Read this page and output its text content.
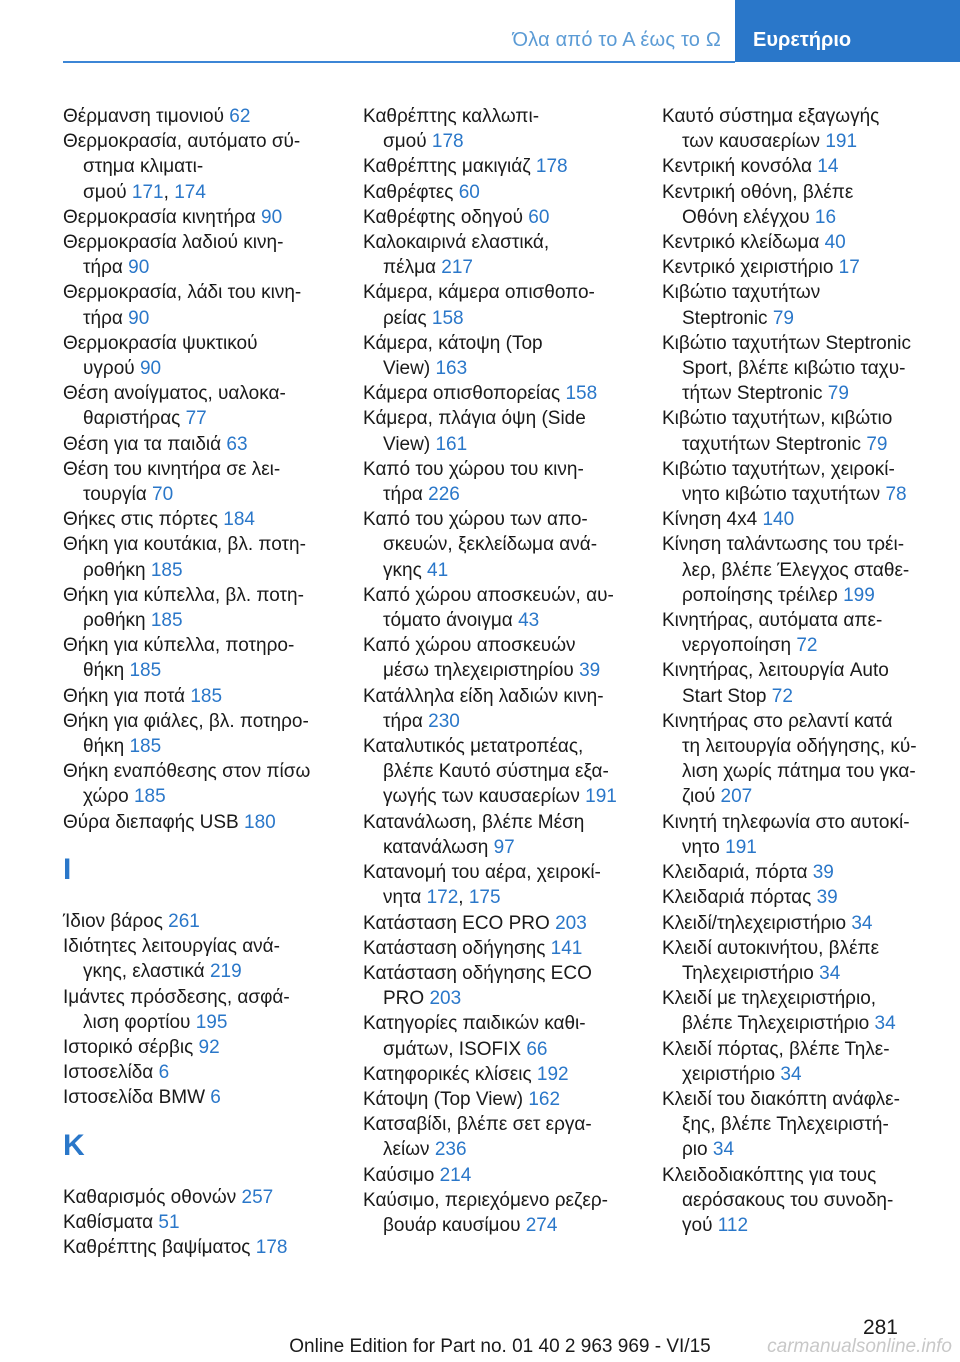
Όλα από το Α έως το Ω	Ευρετήριο
Θέρμανση τιμονιού 62
Θερμοκρασία, αυτόματο σύ-
στημα κλιματι-
σμού 171, 174
Θερμοκρασία κινητήρα 90
Θερμοκρασία λαδιού κινη-
τήρα 90
Θερμοκρασία, λάδι του κινη-
τήρα 90
Θερμοκρασία ψυκτικού
υγρού 90
Θέση ανοίγματος, υαλοκα-
θαριστήρας 77
Θέση για τα παιδιά 63
Θέση του κινητήρα σε λει-
τουργία 70
Θήκες στις πόρτες 184
Θήκη για κουτάκια, βλ. ποτη-
ροθήκη 185
Θήκη για κύπελλα, βλ. ποτη-
ροθήκη 185
Θήκη για κύπελλα, ποτηρο-
θήκη 185
Θήκη για ποτά 185
Θήκη για φιάλες, βλ. ποτηρο-
θήκη 185
Θήκη εναπόθεσης στον πίσω
χώρο 185
Θύρα διεπαφής USB 180
Ι
Ίδιον βάρος 261
Ιδιότητες λειτουργίας ανά-
γκης, ελαστικά 219
Ιμάντες πρόσδεσης, ασφά-
λιση φορτίου 195
Ιστορικό σέρβις 92
Ιστοσελίδα 6
Ιστοσελίδα BMW 6
Κ
Καθαρισμός οθονών 257
Καθίσματα 51
Καθρέπτης βαψίματος 178
Καθρέπτης καλλωπι-
σμού 178
Καθρέπτης μακιγιάζ 178
Καθρέφτες 60
Καθρέφτης οδηγού 60
Καλοκαιρινά ελαστικά,
πέλμα 217
Κάμερα, κάμερα οπισθοπο-
ρείας 158
Κάμερα, κάτοψη (Top
View) 163
Κάμερα οπισθοπορείας 158
Κάμερα, πλάγια όψη (Side
View) 161
Καπό του χώρου του κινη-
τήρα 226
Καπό του χώρου των απο-
σκευών, ξεκλείδωμα ανά-
γκης 41
Καπό χώρου αποσκευών, αυ-
τόματο άνοιγμα 43
Καπό χώρου αποσκευών
μέσω τηλεχειριστηρίου 39
Κατάλληλα είδη λαδιών κινη-
τήρα 230
Καταλυτικός μετατροπέας,
βλέπε Καυτό σύστημα εξα-
γωγής των καυσαερίων 191
Κατανάλωση, βλέπε Μέση
κατανάλωση 97
Κατανομή του αέρα, χειροκί-
νητα 172, 175
Κατάσταση ECO PRO 203
Κατάσταση οδήγησης 141
Κατάσταση οδήγησης ECO
PRO 203
Κατηγορίες παιδικών καθι-
σμάτων, ISOFIX 66
Κατηφορικές κλίσεις 192
Κάτοψη (Top View) 162
Κατσαβίδι, βλέπε σετ εργα-
λείων 236
Καύσιμο 214
Καύσιμο, περιεχόμενο ρεζερ-
βουάρ καυσίμου 274
Καυτό σύστημα εξαγωγής
των καυσαερίων 191
Κεντρική κονσόλα 14
Κεντρική οθόνη, βλέπε
Οθόνη ελέγχου 16
Κεντρικό κλείδωμα 40
Κεντρικό χειριστήριο 17
Κιβώτιο ταχυτήτων
Steptronic 79
Κιβώτιο ταχυτήτων Steptronic
Sport, βλέπε κιβώτιο ταχυ-
τήτων Steptronic 79
Κιβώτιο ταχυτήτων, κιβώτιο
ταχυτήτων Steptronic 79
Κιβώτιο ταχυτήτων, χειροκί-
νητο κιβώτιο ταχυτήτων 78
Κίνηση 4x4 140
Κίνηση ταλάντωσης του τρέι-
λερ, βλέπε Έλεγχος σταθε-
ροποίησης τρέιλερ 199
Κινητήρας, αυτόματα απε-
νεργοποίηση 72
Κινητήρας, λειτουργία Auto
Start Stop 72
Κινητήρας στο ρελαντί κατά
τη λειτουργία οδήγησης, κύ-
λιση χωρίς πάτημα του γκα-
ζιού 207
Κινητή τηλεφωνία στο αυτοκί-
νητο 191
Κλειδαριά, πόρτα 39
Κλειδαριά πόρτας 39
Κλειδί/τηλεχειριστήριο 34
Κλειδί αυτοκινήτου, βλέπε
Τηλεχειριστήριο 34
Κλειδί με τηλεχειριστήριο,
βλέπε Τηλεχειριστήριο 34
Κλειδί πόρτας, βλέπε Τηλε-
χειριστήριο 34
Κλειδί του διακόπτη ανάφλε-
ξης, βλέπε Τηλεχειριστή-
ριο 34
Κλειδοδιακόπτης για τους
αερόσακους του συνοδη-
γού 112
281
Online Edition for Part no. 01 40 2 963 969 - VI/15	carmanualsonline.info
